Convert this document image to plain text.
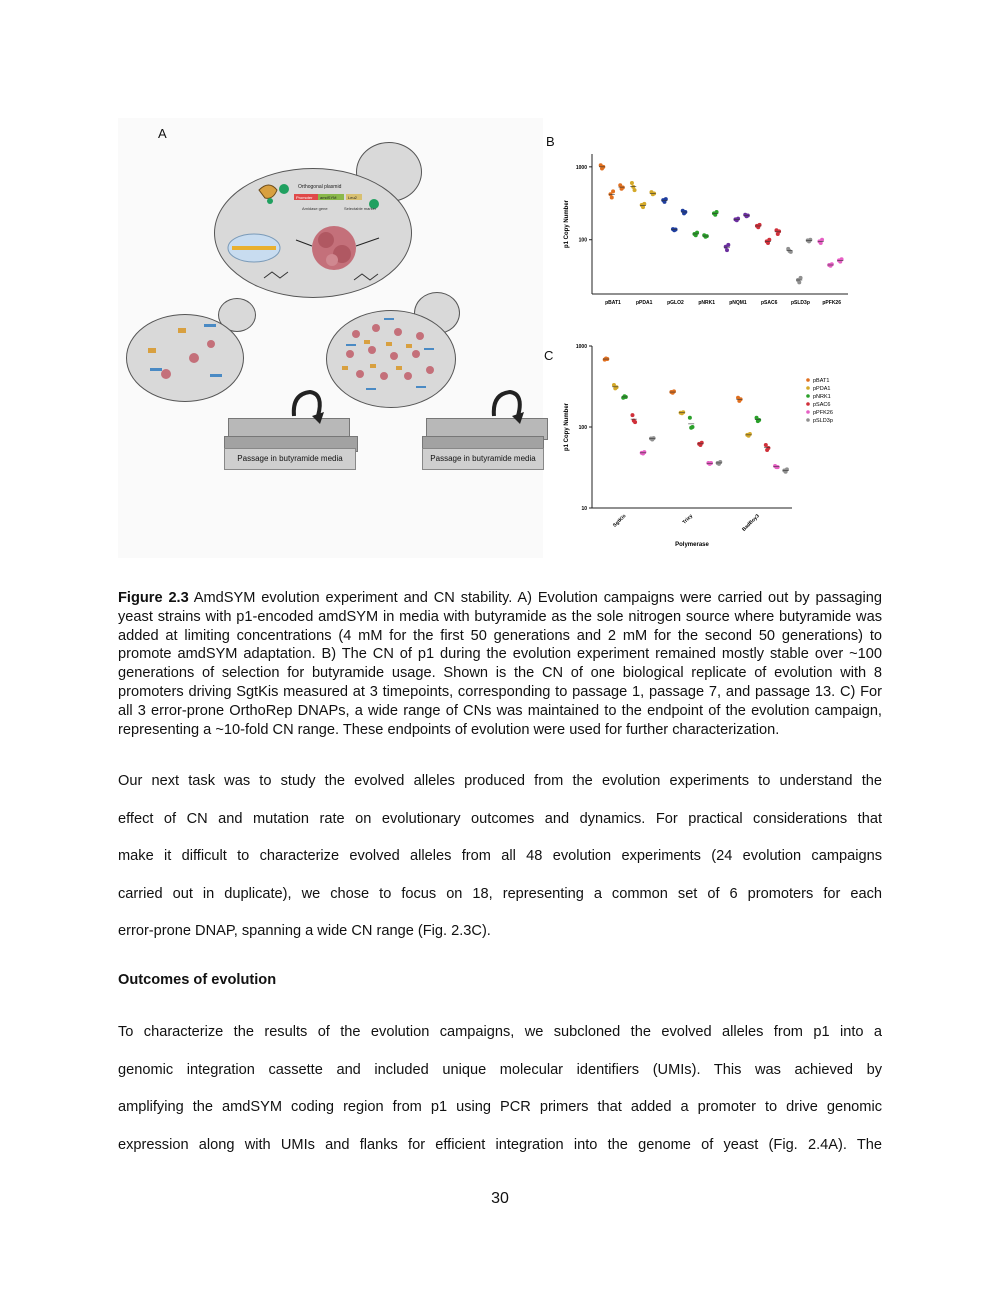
A
Orthogonal plasmid
Promoter amdSYM	Leu2
Amidase gene	Selectable marker
Passage in butyramide media	Passage in butyramide media
B
1000
100
p1 Copy Number
pBAT1	pPDA1	pGLO2	pNRK1	pNQM1	pSAC6	pSLD3p pPFK26
C
1000
100
10
p1 Copy Number
Polymerase
SgtKis	Trixy	BadBoy3
pBAT1
pPDA1
pNRK1
pSAC6
pPFK26
pSLD3p
Figure 2.3 AmdSYM evolution experiment and CN stability. A) Evolution campaigns were carried out by passaging yeast strains with p1-encoded amdSYM in media with butyramide as the sole nitrogen source where butyramide was added at limiting concentrations (4 mM for the first 50 generations and 2 mM for the second 50 generations) to promote amdSYM adaptation. B) The CN of p1 during the evolution experiment remained mostly stable over ~100 generations of selection for butyramide usage. Shown is the CN of one biological replicate of evolution with 8 promoters driving SgtKis measured at 3 timepoints, corresponding to passage 1, passage 7, and passage 13. C) For all 3 error-prone OrthoRep DNAPs, a wide range of CNs was maintained to the endpoint of the evolution campaign, representing a ~10-fold CN range. These endpoints of evolution were used for further characterization.
Our next task was to study the evolved alleles produced from the evolution experiments to understand the
effect of CN and mutation rate on evolutionary outcomes and dynamics. For practical considerations that
make it difficult to characterize evolved alleles from all 48 evolution experiments (24 evolution campaigns
carried out in duplicate), we chose to focus on 18, representing a common set of 6 promoters for each
error-prone DNAP, spanning a wide CN range (Fig. 2.3C).
Outcomes of evolution
To characterize the results of the evolution campaigns, we subcloned the evolved alleles from p1 into a
genomic integration cassette and included unique molecular identifiers (UMIs). This was achieved by
amplifying the amdSYM coding region from p1 using PCR primers that added a promoter to drive genomic
expression along with UMIs and flanks for efficient integration into the genome of yeast (Fig. 2.4A). The
30
